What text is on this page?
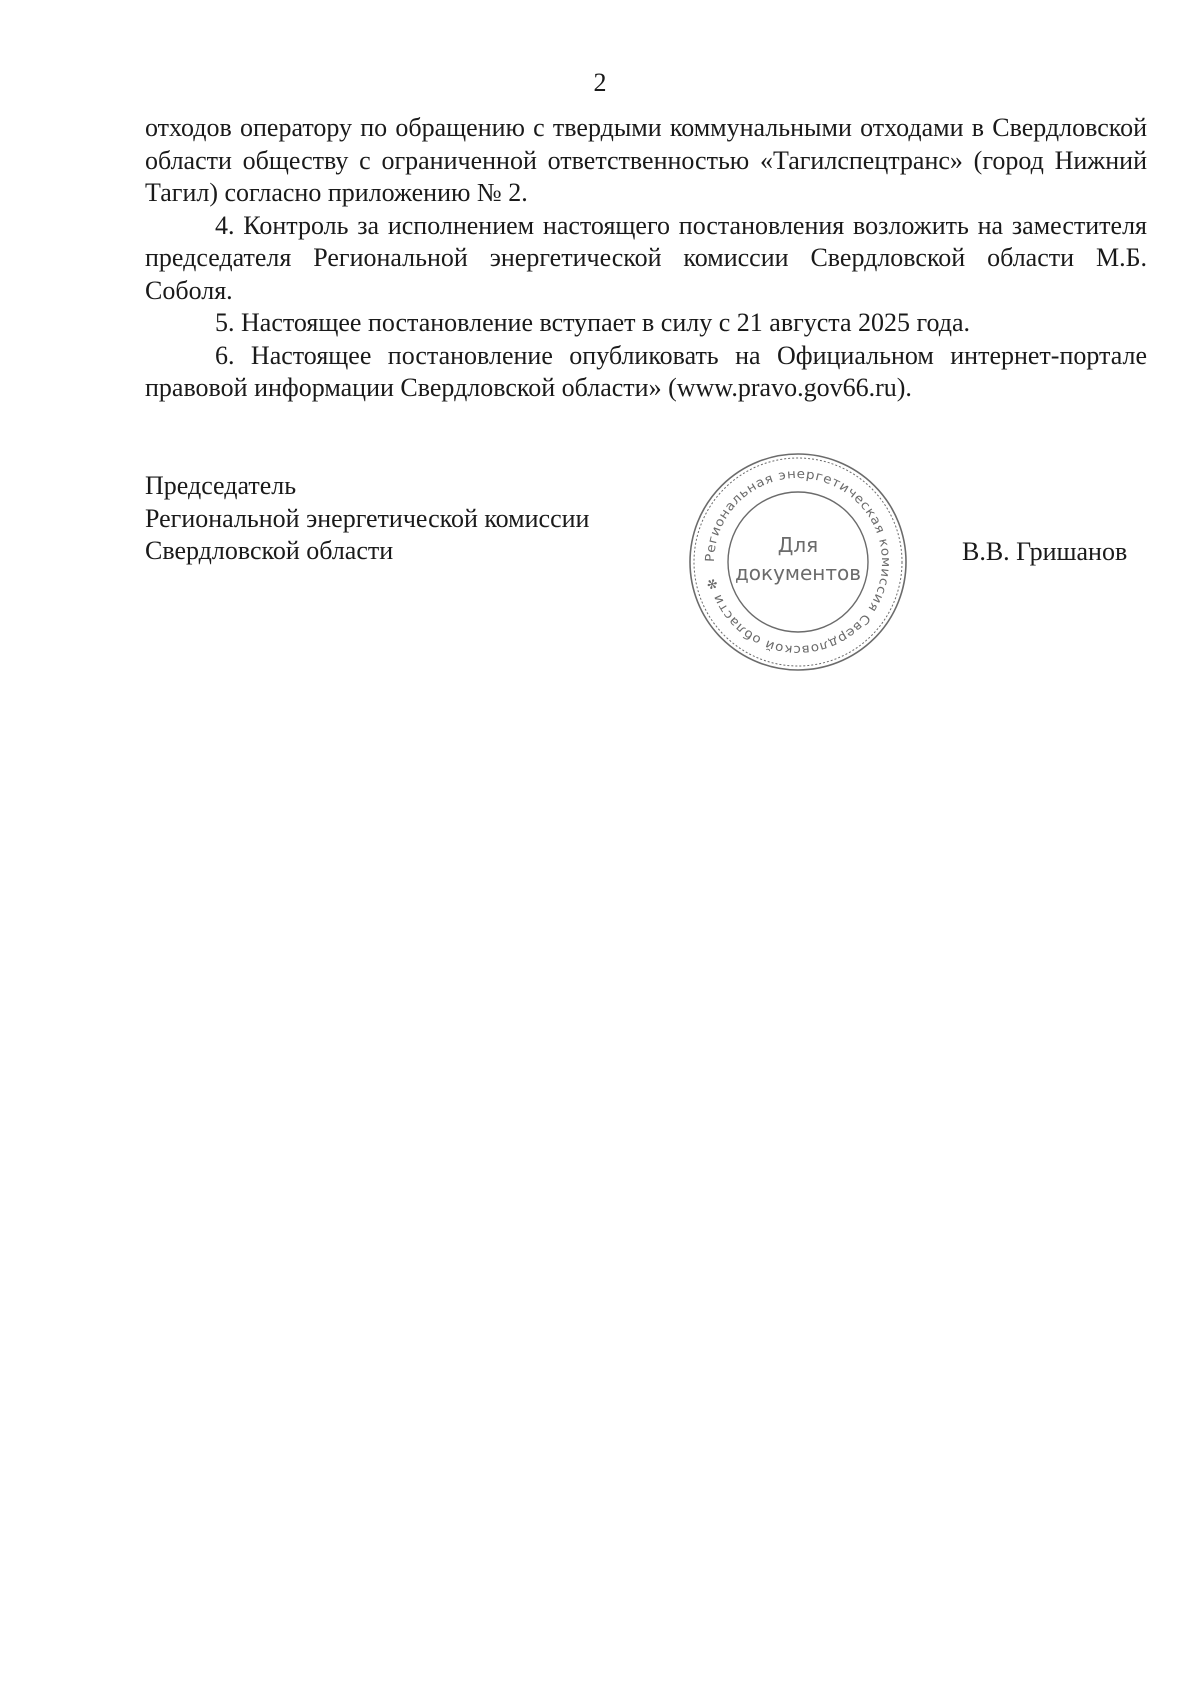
2

отходов оператору по обращению с твердыми коммунальными отходами в Свердловской области обществу с ограниченной ответственностью «Тагилспецтранс» (город Нижний Тагил) согласно приложению № 2.

4. Контроль за исполнением настоящего постановления возложить на заместителя председателя Региональной энергетической комиссии Свердловской области М.Б. Соболя.

5. Настоящее постановление вступает в силу с 21 августа 2025 года.

6. Настоящее постановление опубликовать на Официальном интернет-портале правовой информации Свердловской области» (www.pravo.gov66.ru).

Председатель
Региональной энергетической комиссии
Свердловской области	Региональная энергетическая комиссия Свердловской области ✻
Для
документов
В.В. Гришанов
